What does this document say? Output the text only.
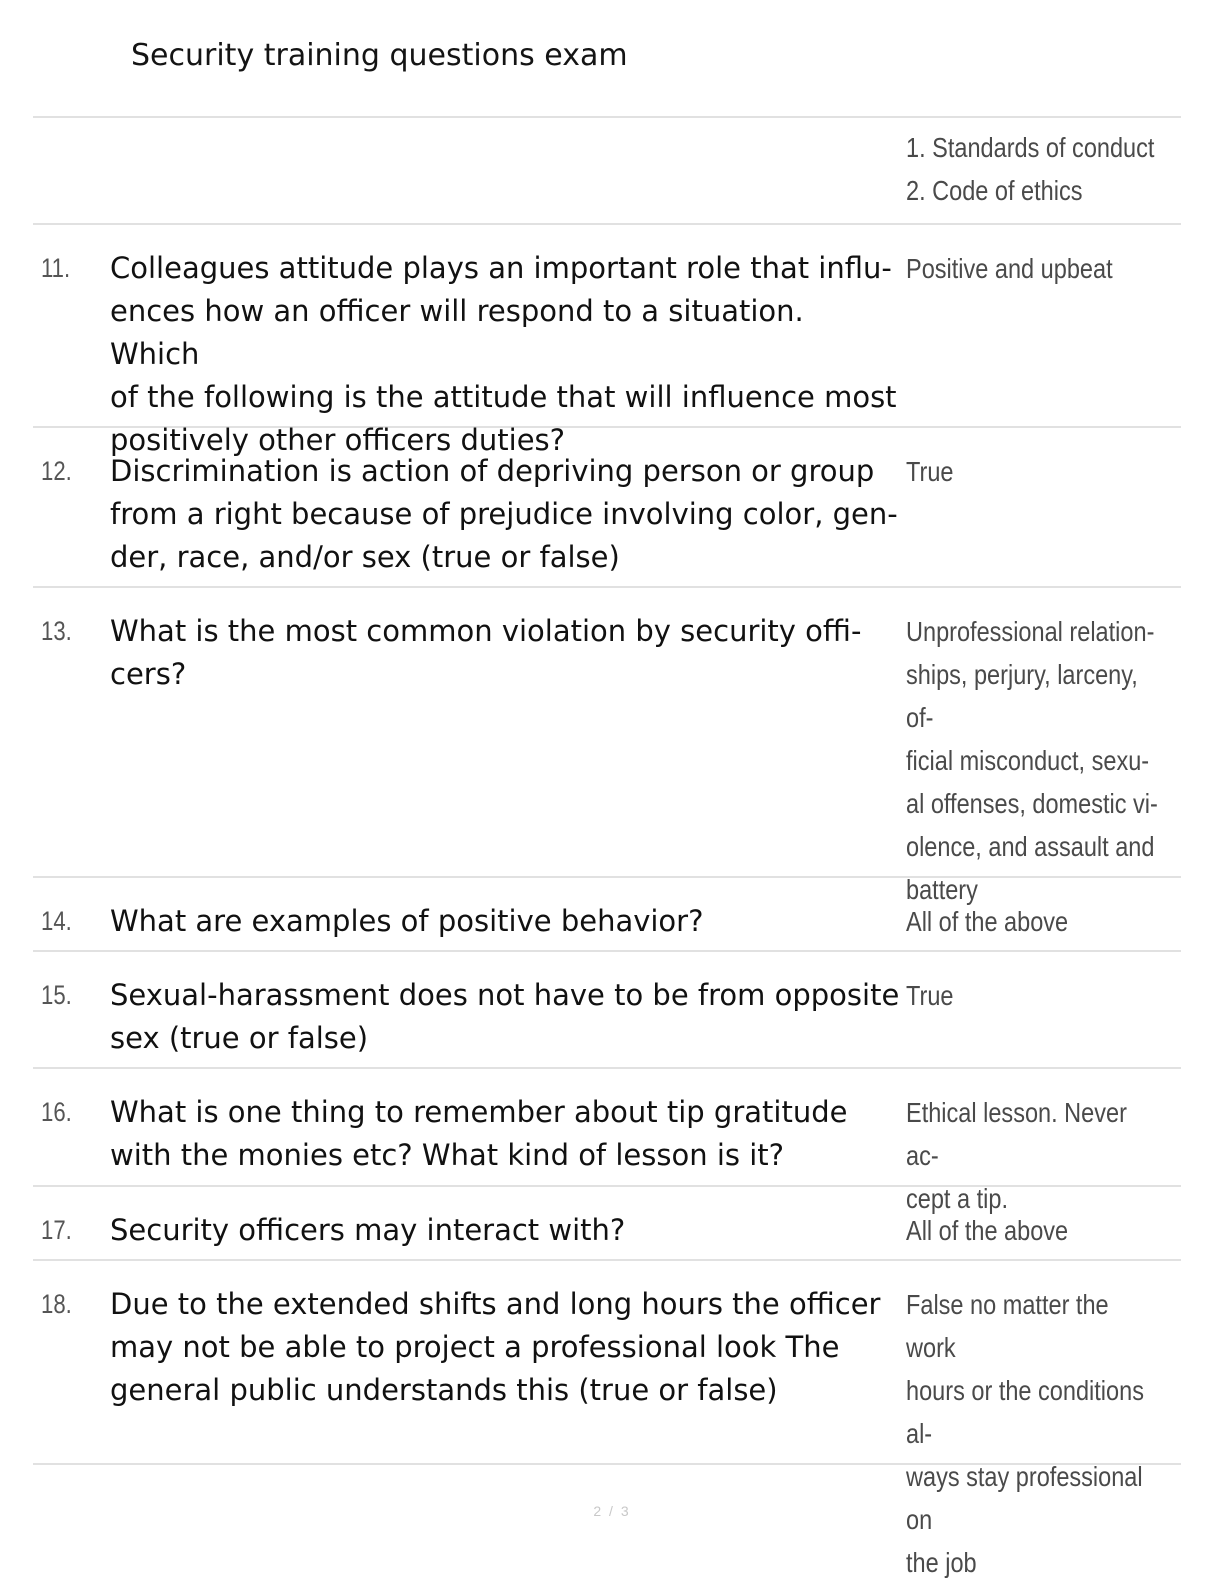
Security training questions exam
1. Standards of conduct
2. Code of ethics
11. Colleagues attitude plays an important role that influ-
ences how an officer will respond to a situation. Which
of the following is the attitude that will influence most
positively other officers duties?
Positive and upbeat
12. Discrimination is action of depriving person or group
from a right because of prejudice involving color, gen-
der, race, and/or sex (true or false)
True
13. What is the most common violation by security offi-
cers?
Unprofessional relation-
ships, perjury, larceny, of-
ficial misconduct, sexu-
al offenses, domestic vi-
olence, and assault and
battery
14. What are examples of positive behavior?	All of the above
15. Sexual-harassment does not have to be from opposite
sex (true or false)
True
16. What is one thing to remember about tip gratitude
with the monies etc? What kind of lesson is it?
Ethical lesson. Never ac-
cept a tip.
17. Security officers may interact with?	All of the above
18. Due to the extended shifts and long hours the officer
may not be able to project a professional look The
general public understands this (true or false)
False no matter the work
hours or the conditions al-
ways stay professional on
the job
2 / 3
